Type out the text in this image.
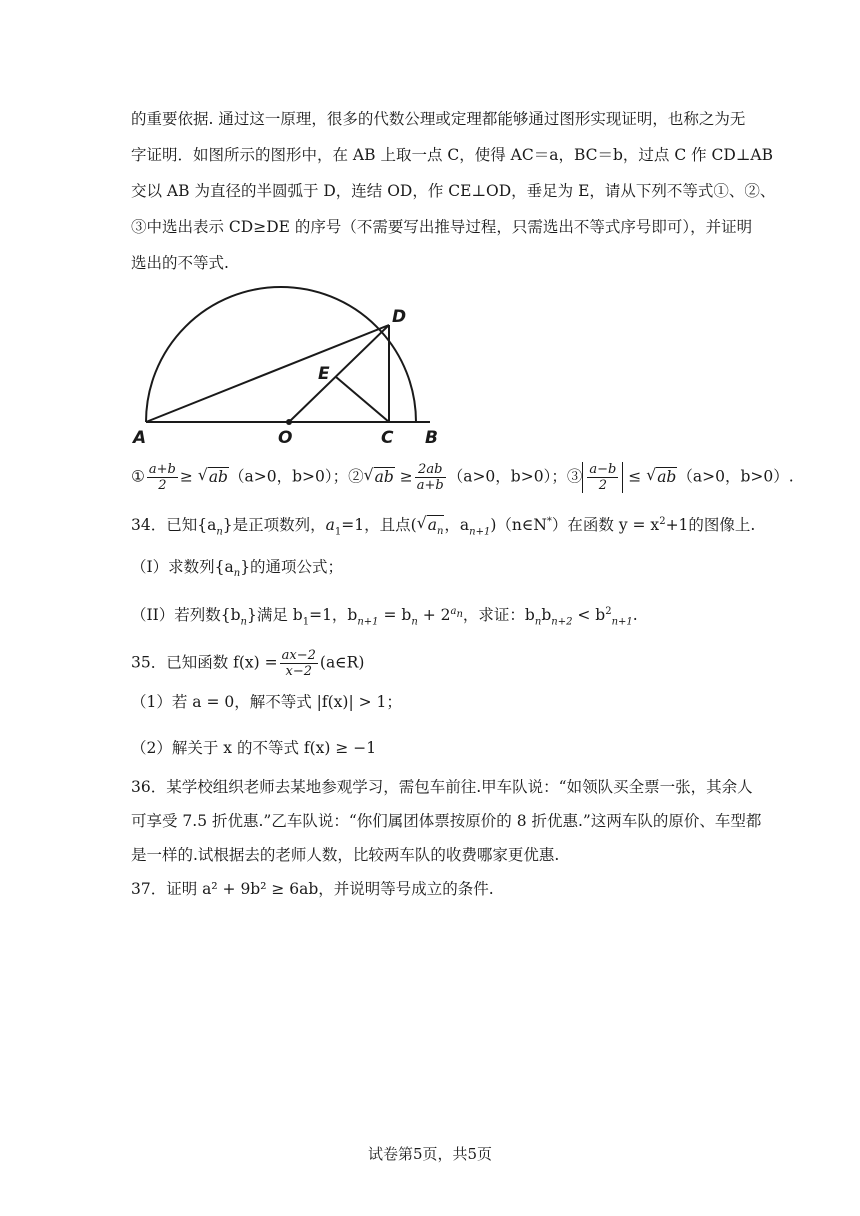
的重要依据. 通过这一原理，很多的代数公理或定理都能够通过图形实现证明，也称之为无
字证明．如图所示的图形中，在 AB 上取一点 C，使得 AC＝a，BC＝b，过点 C 作 CD⊥AB
交以 AB 为直径的半圆弧于 D，连结 OD，作 CE⊥OD，垂足为 E，请从下列不等式①、②、
③中选出表示 CD≥DE 的序号（不需要写出推导过程，只需选出不等式序号即可），并证明
选出的不等式.
A	O	C B
D
E
① $\frac{a+b}{2}$ ≥ √ ab（a>0，b>0）；② √ ab ≥ $\frac{2ab}{a+b} (a>0$，b>0）；③ $\frac{a-b}{2}$ ≤ √ ab（a>0，b>0）.
34．已知$\{a_n\}$是正项数列，$a_1=1$，且点( √ $a_n$，$a_{n+1})(n\in N^*)$在函数 $y = x^2+1$的图像上.
（I）求数列$\{a_n\}$的通项公式；
（II）若列数$\{b_n\}$满足 $b_1=1$，$b_{n+1} = b_n + 2^{a_n}$，求证：$b_nb_{n+2} < b^2_{n+1}$.
35．已知函数 $f(x) = \frac{ax-2}{x-2}$ (a∈R)
（1）若 a = 0，解不等式 |f(x)| > 1；
（2）解关于 x 的不等式 f(x) ≥ −1
36．某学校组织老师去某地参观学习，需包车前往.甲车队说：“如领队买全票一张，其余人
可享受 7.5 折优惠.”乙车队说：“你们属团体票按原价的 8 折优惠.”这两车队的原价、车型都
是一样的.试根据去的老师人数，比较两车队的收费哪家更优惠.
37．证明 a² + 9b² ≥ 6ab，并说明等号成立的条件.
试卷第5页，共5页
